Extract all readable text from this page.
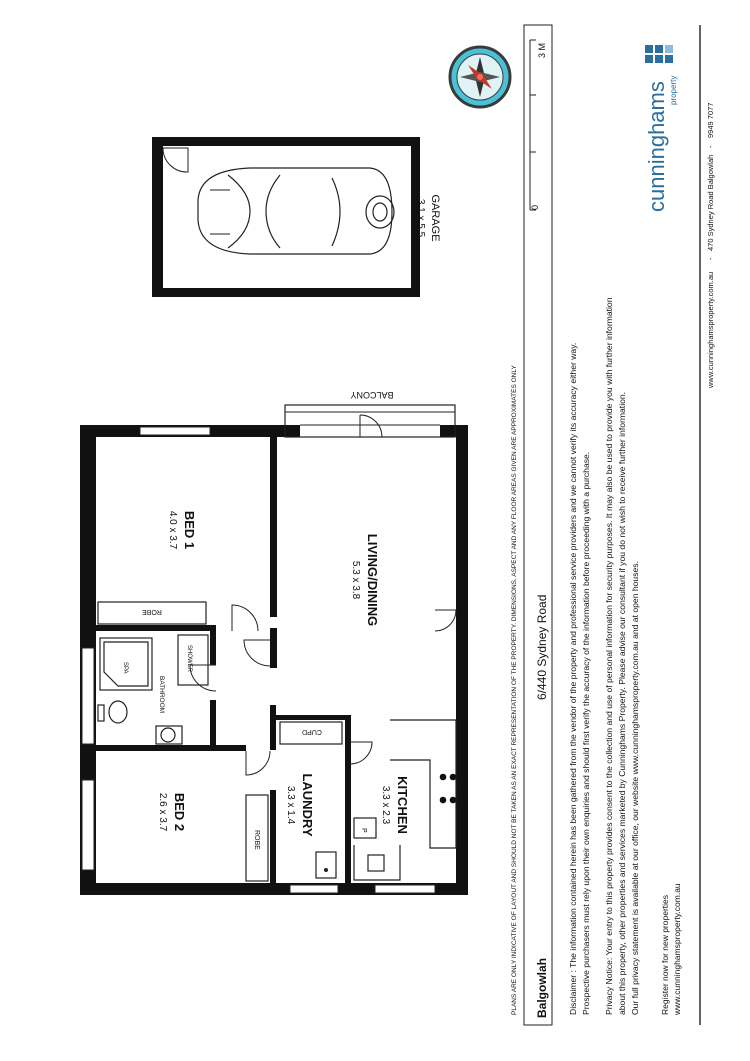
BALCONY
BED 1
4.0 x 3.7
ROBE	LIVING/DINING
5.3 x 3.8
SPA	SHOWER
BATHROOM
BED 2
2.6 x 3.7
ROBE
LAUNDRY
3.3 x 1.4
CUPD
KITCHEN
3.3 x 2.3
P
GARAGE
3.1 x 5.5
PLANS ARE ONLY INDICATIVE OF LAYOUT AND SHOULD NOT BE TAKEN AS AN EXACT REPRESENTATION OF THE PROPERTY. DIMENSIONS, ASPECT AND ANY FLOOR AREAS GIVEN ARE APPROXIMATES ONLY
0
3 M
Balgowlah
6/440 Sydney Road Disclaimer : The information contained herein has been gathered from the vendor of the property and professional service providers and we cannot verify its accuracy either way. Prospective purchasers must rely upon their own enquiries and should first verify the accuracy of the information before proceeding with a purchase. Privacy Notice: Your entry to this property provides consent to the collection and use of personal information for security purposes. It may also be used to provide you with further information about this property, other properties and services marketed by Cunninghams Property. Please advise our consultant if you do not wish to receive further information. Our full privacy statement is available at our office, our website www.cunninghamsproperty.com.au and at open houses. Register now for new properties www.cunninghamsproperty.com.au
cunninghams property
www.cunninghamsproperty.com.au
-
470 Sydney Road Balgowlah
-
9949 7077
